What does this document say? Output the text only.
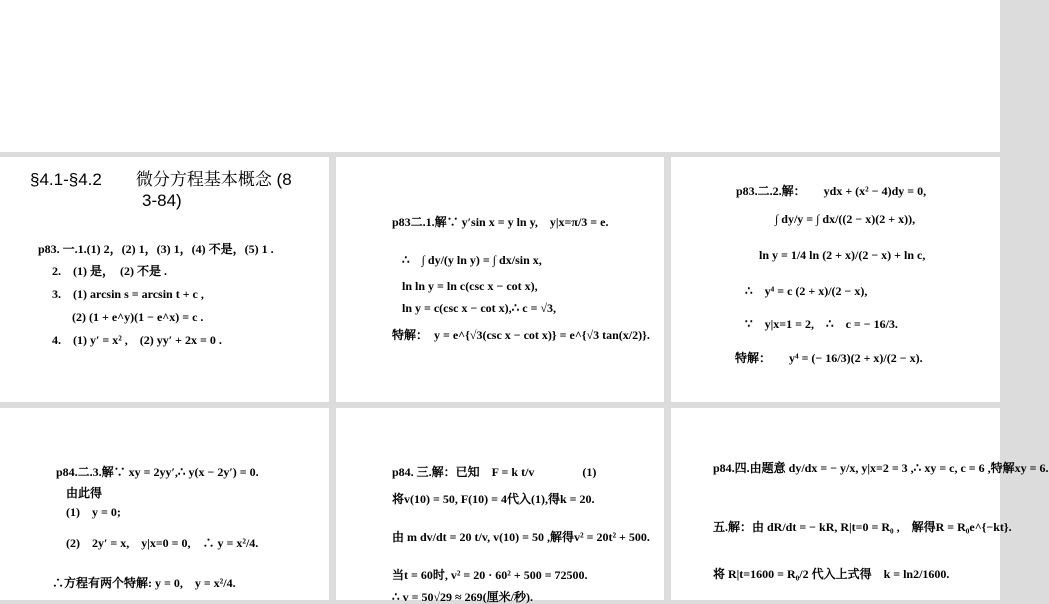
§4.1-§4.2　　微分方程基本概念 (8
3-84)
p83. 一.1.(1) 2，(2) 1，(3) 1，(4) 不是，(5) 1 .
2.　(1) 是，　(2) 不是 .
3.　(1) arcsin s = arcsin t + c ,
(2) (1 + e^y)(1 − e^x) = c .
4.　(1) y′ = x² ,　(2) yy′ + 2x = 0 .
p83二.1.解∵ y′sin x = y ln y,　y|x=π/3 = e.
∴　∫ dy/(y ln y) = ∫ dx/sin x,
ln ln y = ln c(csc x − cot x),
ln y = c(csc x − cot x),∴ c = √3,
特解：　y = e^{√3(csc x − cot x)} = e^{√3 tan(x/2)}.
p83.二.2.解：　　ydx + (x² − 4)dy = 0,
∫ dy/y = ∫ dx/((2 − x)(2 + x)),
ln y = 1/4 ln (2 + x)/(2 − x) + ln c,
∴　y⁴ = c (2 + x)/(2 − x),
∵　y|x=1 = 2,　∴　c = − 16/3.
特解：　　y⁴ = (− 16/3)(2 + x)/(2 − x).
p84.二.3.解∵ xy = 2yy′,∴ y(x − 2y′) = 0.
由此得
(1)　y = 0;
(2)　2y′ = x,　y|x=0 = 0,　∴ y = x²/4.
∴方程有两个特解: y = 0,　y = x²/4.
p84. 三.解：已知　F = k t/v　　　　(1)
将v(10) = 50, F(10) = 4代入(1),得k = 20.
由 m dv/dt = 20 t/v, v(10) = 50 ,解得v² = 20t² + 500.
当t = 60时, v² = 20 · 60² + 500 = 72500.
∴ v = 50√29 ≈ 269(厘米/秒).
p84.四.由题意 dy/dx = − y/x, y|x=2 = 3 ,∴ xy = c, c = 6 ,特解xy = 6.
五.解：由 dR/dt = − kR, R|t=0 = R₀ ,　解得R = R₀e^{−kt}.
将 R|t=1600 = R₀/2 代入上式得　k = ln2/1600.
